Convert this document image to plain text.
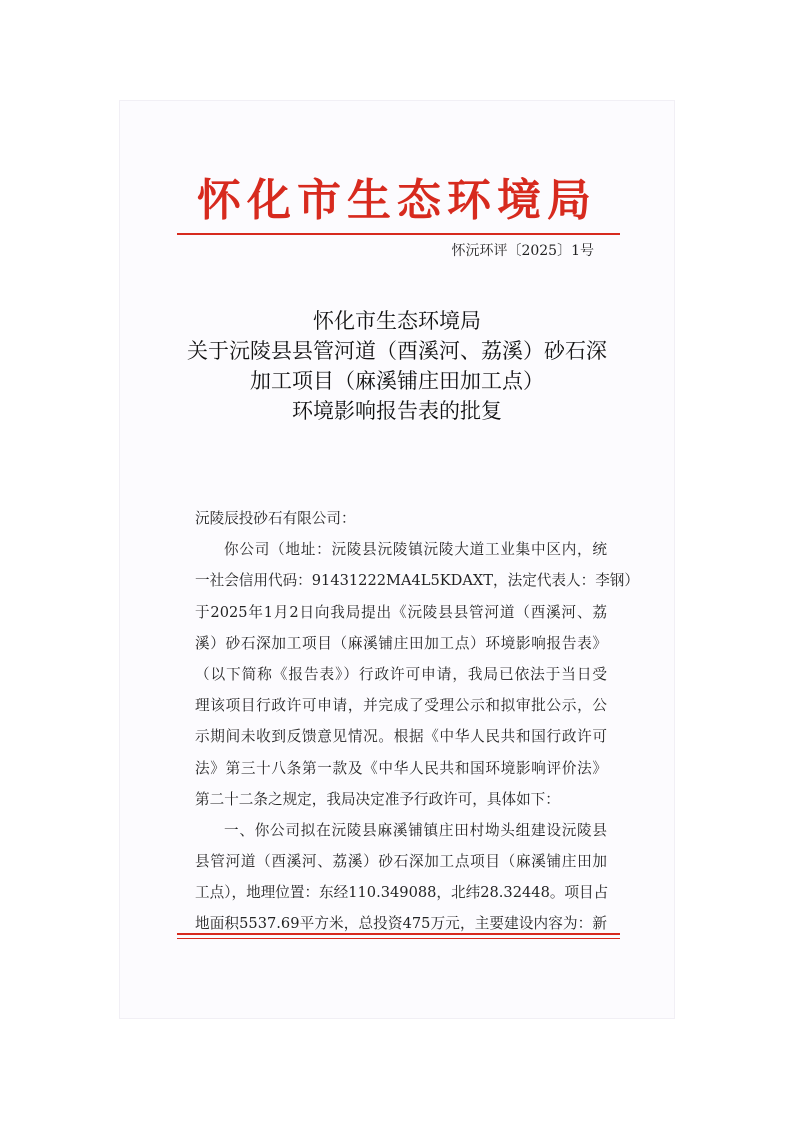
怀化市生态环境局
怀沅环评〔2025〕1号
怀化市生态环境局
关于沅陵县县管河道（酉溪河、荔溪）砂石深
加工项目（麻溪铺庄田加工点）
环境影响报告表的批复
沅陵辰投砂石有限公司：
你公司（地址：沅陵县沅陵镇沅陵大道工业集中区内，统
一社会信用代码：91431222MA4L5KDAXT，法定代表人：李钢）
于2025年1月2日向我局提出《沅陵县县管河道（酉溪河、荔
溪）砂石深加工项目（麻溪铺庄田加工点）环境影响报告表》
（以下简称《报告表》）行政许可申请，我局已依法于当日受
理该项目行政许可申请，并完成了受理公示和拟审批公示，公
示期间未收到反馈意见情况。根据《中华人民共和国行政许可
法》第三十八条第一款及《中华人民共和国环境影响评价法》
第二十二条之规定，我局决定准予行政许可，具体如下：
一、你公司拟在沅陵县麻溪铺镇庄田村坳头组建设沅陵县
县管河道（酉溪河、荔溪）砂石深加工点项目（麻溪铺庄田加
工点），地理位置：东经110.349088，北纬28.32448。项目占
地面积5537.69平方米，总投资475万元，主要建设内容为：新
